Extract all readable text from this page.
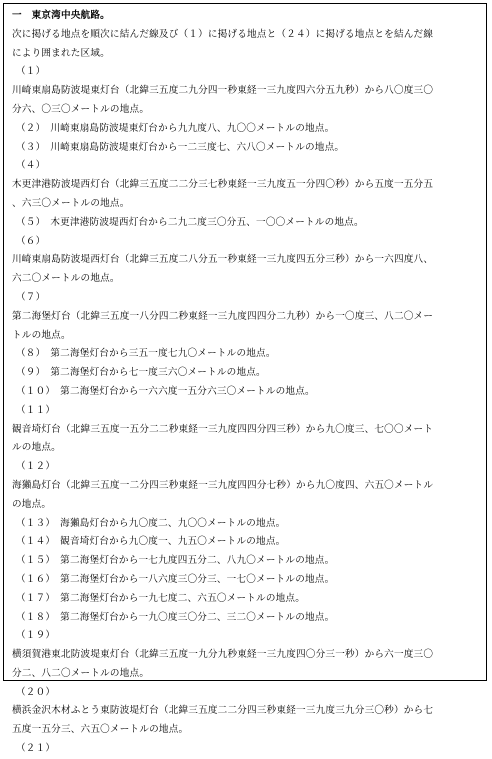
一　東京湾中央航路。
次に掲げる地点を順次に結んだ線及び（１）に掲げる地点と（２４）に掲げる地点とを結んだ線
により囲まれた区域。
（１）
川崎東扇島防波堤東灯台（北緯三五度二九分四一秒東経一三九度四六分五九秒）から八〇度三〇
分六、〇三〇メートルの地点。
（２）　川崎東扇島防波堤東灯台から九九度八、九〇〇メートルの地点。
（３）　川崎東扇島防波堤東灯台から一二三度七、六八〇メートルの地点。
（４）
木更津港防波堤西灯台（北緯三五度二二分三七秒東経一三九度五一分四〇秒）から五度一五分五
、六三〇メートルの地点。
（５）　木更津港防波堤西灯台から二九二度三〇分五、一〇〇メートルの地点。
（６）
川崎東扇島防波堤西灯台（北緯三五度二八分五一秒東経一三九度四五分三秒）から一六四度八、
六二〇メートルの地点。
（７）
第二海堡灯台（北緯三五度一八分四二秒東経一三九度四四分二九秒）から一〇度三、八二〇メー
トルの地点。
（８）　第二海堡灯台から三五一度七九〇メートルの地点。
（９）　第二海堡灯台から七一度三六〇メートルの地点。
（１０）　第二海堡灯台から一六六度一五分六三〇メートルの地点。
（１１）
観音埼灯台（北緯三五度一五分二二秒東経一三九度四四分四三秒）から九〇度三、七〇〇メート
ルの地点。
（１２）
海獺島灯台（北緯三五度一二分四三秒東経一三九度四四分七秒）から九〇度四、六五〇メートル
の地点。
（１３）　海獺島灯台から九〇度二、九〇〇メートルの地点。
（１４）　観音埼灯台から九〇度一、九五〇メートルの地点。
（１５）　第二海堡灯台から一七九度四五分二、八九〇メートルの地点。
（１６）　第二海堡灯台から一八六度三〇分三、一七〇メートルの地点。
（１７）　第二海堡灯台から一九七度二、六五〇メートルの地点。
（１８）　第二海堡灯台から一九〇度三〇分二、三二〇メートルの地点。
（１９）
横須賀港東北防波堤東灯台（北緯三五度一九分九秒東経一三九度四〇分三一秒）から六一度三〇
分二、八二〇メートルの地点。
（２０）
横浜金沢木材ふとう東防波堤灯台（北緯三五度二二分四三秒東経一三九度三九分三〇秒）から七
五度一五分三、六五〇メートルの地点。
（２１）
